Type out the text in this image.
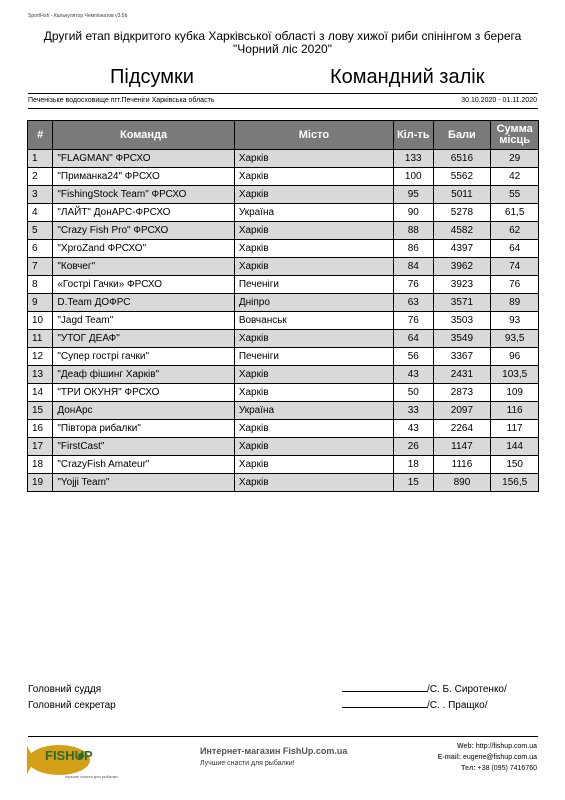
SportFish - Калькулятор Чемпіонатов v3.5b
Другий етап відкритого кубка Харківської області з лову хижої риби спінінгом з берега "Чорний ліс 2020"
Підсумки	Командний залік
Печенізьке водосховище пгт.Печеніги Харківська область	30.10.2020 - 01.11.2020
#	Команда	Місто	Кіл-ть	Бали	Сумма місць

1	"FLAGMAN" ФРСХО	Харків	133	6516	29
2	"Приманка24" ФРСХО	Харків	100	5562	42
3	"FishingStock Team" ФРСХО	Харків	95	5011	55
4	"ЛАЙТ" ДонАРС-ФРСХО	Україна	90	5278	61,5
5	"Crazy Fish Pro" ФРСХО	Харків	88	4582	62
6	"XproZand ФРСХО"	Харків	86	4397	64
7	"Ковчег"	Харків	84	3962	74
8	«Гострі Гачки» ФРСХО	Печеніги	76	3923	76
9	D.Team ДОФРС	Дніпро	63	3571	89
10	"Jagd Team"	Вовчанськ	76	3503	93
11	"УТОГ ДЕАФ"	Харків	64	3549	93,5
12	"Супер гострі гачки"	Печеніги	56	3367	96
13	"Деаф фішинг Харків"	Харків	43	2431	103,5
14	"ТРИ ОКУНЯ" ФРСХО	Харків	50	2873	109
15	ДонАрс	Україна	33	2097	116
16	"Півтора рибалки"	Харків	43	2264	117
17	"FirstCast"	Харків	26	1147	144
18	"CrazyFish Amateur"	Харків	18	1116	150
19	"Yojji Team"	Харків	15	890	156,5
Головний суддя	/С. Б. Сиротенко/
Головний секретар	/С. . Пращко/
FISHUP
лучшие снасти для рыбалки
Интернет-магазин FishUp.com.ua
Лучшие снасти для рыбалки!
Web: http://fishup.com.ua
E-mail: eugene@fishup.com.ua
Тел: +38 (095) 7416760
